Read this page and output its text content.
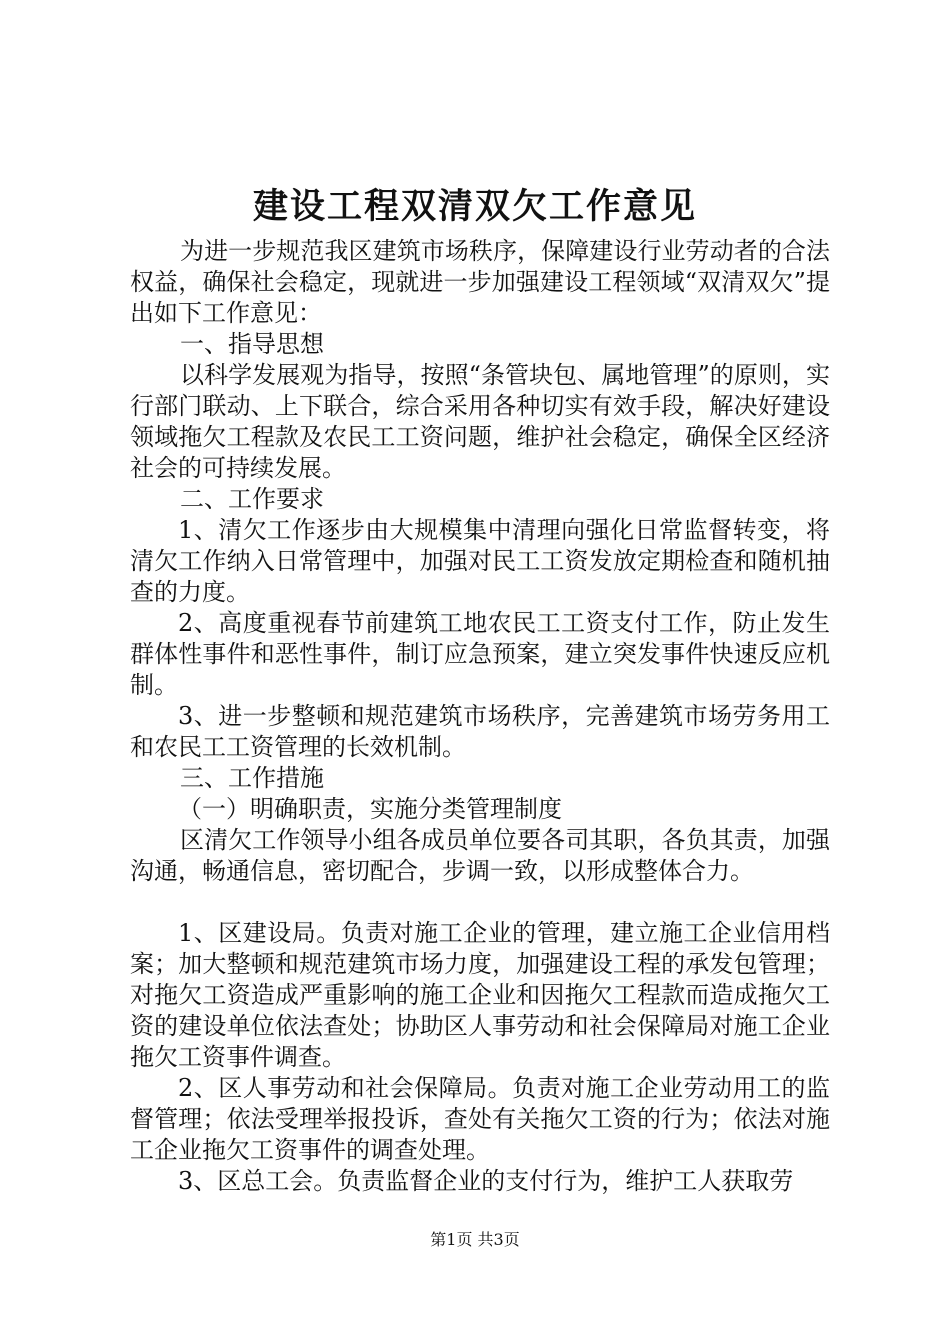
建设工程双清双欠工作意见

为进一步规范我区建筑市场秩序，保障建设行业劳动者的合法权益，确保社会稳定，现就进一步加强建设工程领域“双清双欠”提出如下工作意见：

一、指导思想

以科学发展观为指导，按照“条管块包、属地管理”的原则，实行部门联动、上下联合，综合采用各种切实有效手段，解决好建设领域拖欠工程款及农民工工资问题，维护社会稳定，确保全区经济社会的可持续发展。

二、工作要求

1、清欠工作逐步由大规模集中清理向强化日常监督转变，将清欠工作纳入日常管理中，加强对民工工资发放定期检查和随机抽查的力度。

2、高度重视春节前建筑工地农民工工资支付工作，防止发生群体性事件和恶性事件，制订应急预案，建立突发事件快速反应机制。

3、进一步整顿和规范建筑市场秩序，完善建筑市场劳务用工和农民工工资管理的长效机制。

三、工作措施

（一）明确职责，实施分类管理制度

区清欠工作领导小组各成员单位要各司其职，各负其责，加强沟通，畅通信息，密切配合，步调一致，以形成整体合力。

1、区建设局。负责对施工企业的管理，建立施工企业信用档案；加大整顿和规范建筑市场力度，加强建设工程的承发包管理；对拖欠工资造成严重影响的施工企业和因拖欠工程款而造成拖欠工资的建设单位依法查处；协助区人事劳动和社会保障局对施工企业拖欠工资事件调查。

2、区人事劳动和社会保障局。负责对施工企业劳动用工的监督管理；依法受理举报投诉，查处有关拖欠工资的行为；依法对施工企业拖欠工资事件的调查处理。

3、区总工会。负责监督企业的支付行为，维护工人获取劳

第1页 共3页
